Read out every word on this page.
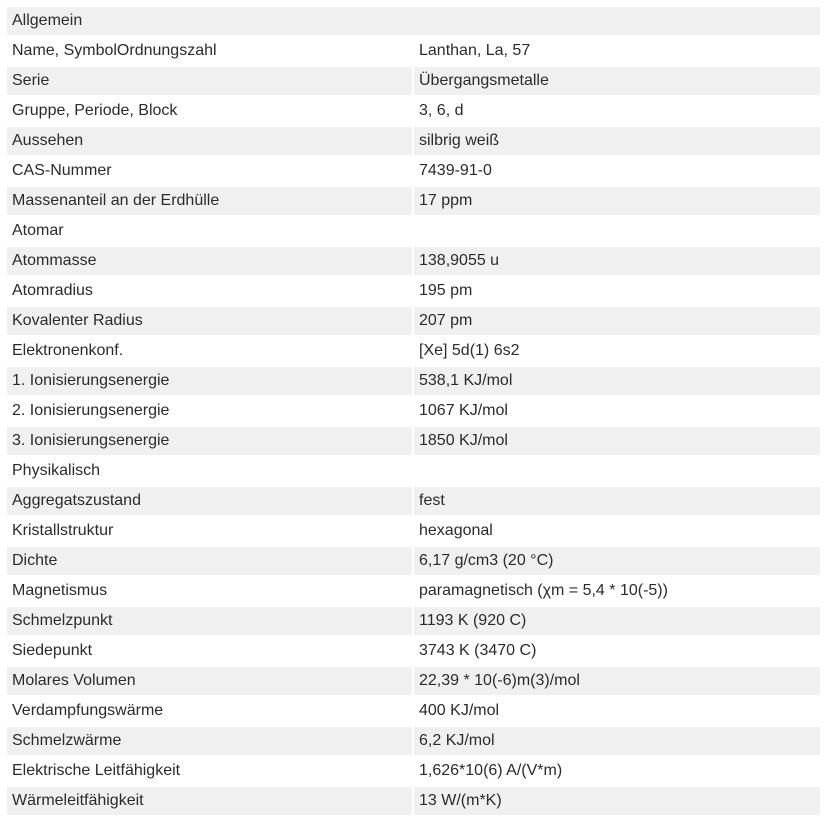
Allgemein
Name, SymbolOrdnungszahl	Lanthan, La, 57
Serie	Übergangsmetalle
Gruppe, Periode, Block	3, 6, d
Aussehen	silbrig weiß
CAS-Nummer	7439-91-0
Massenanteil an der Erdhülle	17 ppm
Atomar
Atommasse	138,9055 u
Atomradius	195 pm
Kovalenter Radius	207 pm
Elektronenkonf.	[Xe] 5d(1) 6s2
1. Ionisierungsenergie	538,1 KJ/mol
2. Ionisierungsenergie	1067 KJ/mol
3. Ionisierungsenergie	1850 KJ/mol
Physikalisch
Aggregatszustand	fest
Kristallstruktur	hexagonal
Dichte	6,17 g/cm3 (20 °C)
Magnetismus	paramagnetisch (χm = 5,4 * 10(-5))
Schmelzpunkt	1193 K (920 C)
Siedepunkt	3743 K (3470 C)
Molares Volumen	22,39 * 10(-6)m(3)/mol
Verdampfungswärme	400 KJ/mol
Schmelzwärme	6,2 KJ/mol
Elektrische Leitfähigkeit	1,626*10(6) A/(V*m)
Wärmeleitfähigkeit	13 W/(m*K)
